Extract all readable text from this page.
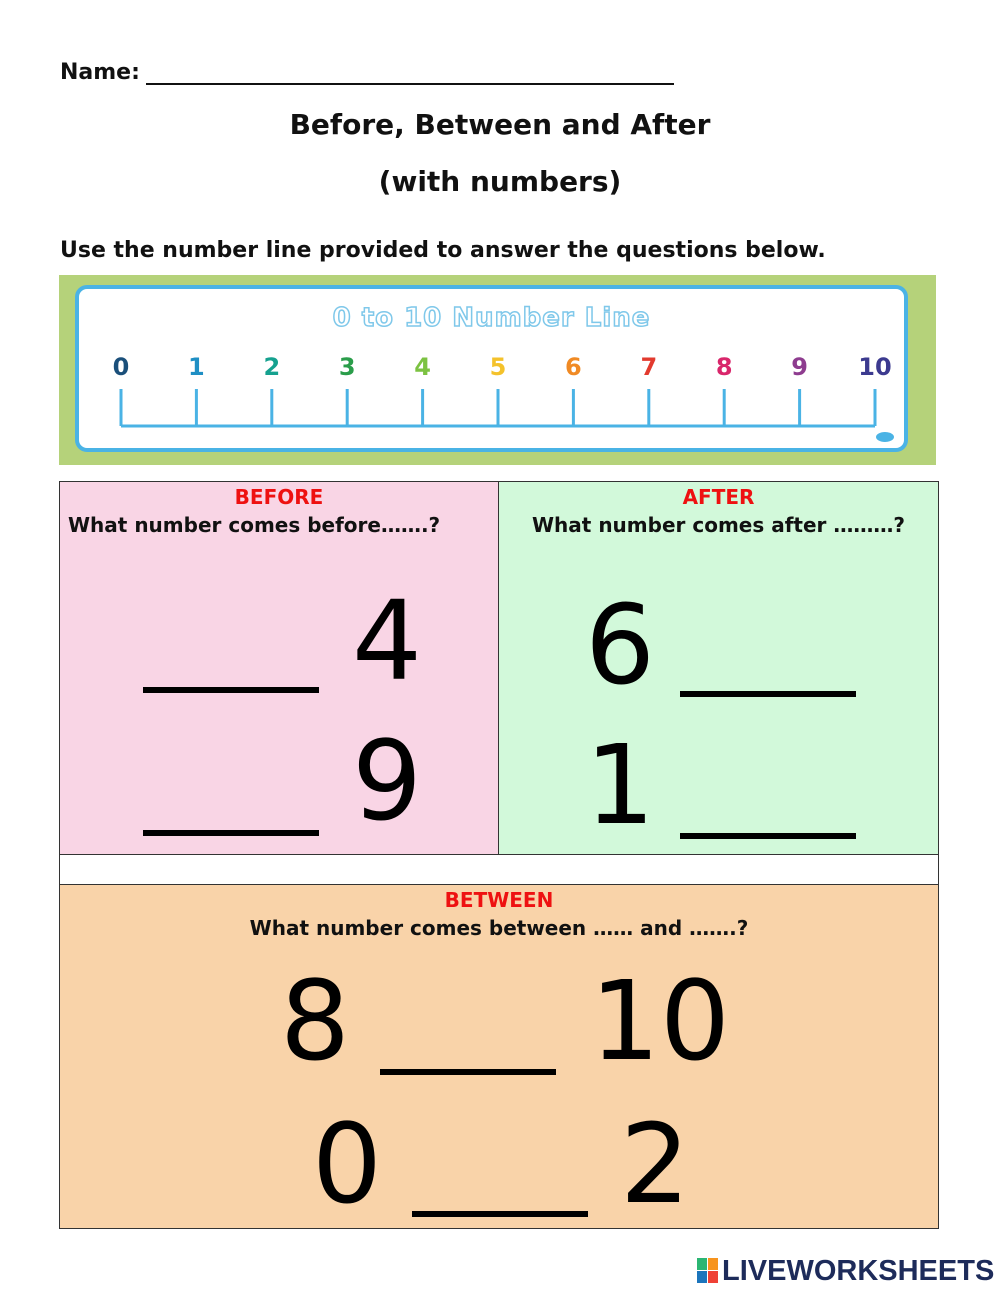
Name:
Before, Between and After
(with numbers)
Use the number line provided to answer the questions below.
0 to 10 Number Line
0 1 2 3 4 5 6 7 8 9 10
BEFORE
What number comes before…….?
4
9
AFTER
What number comes after ………?
6
1
BETWEEN
What number comes between …… and …….?
8 10
0 2
LIVEWORKSHEETS
